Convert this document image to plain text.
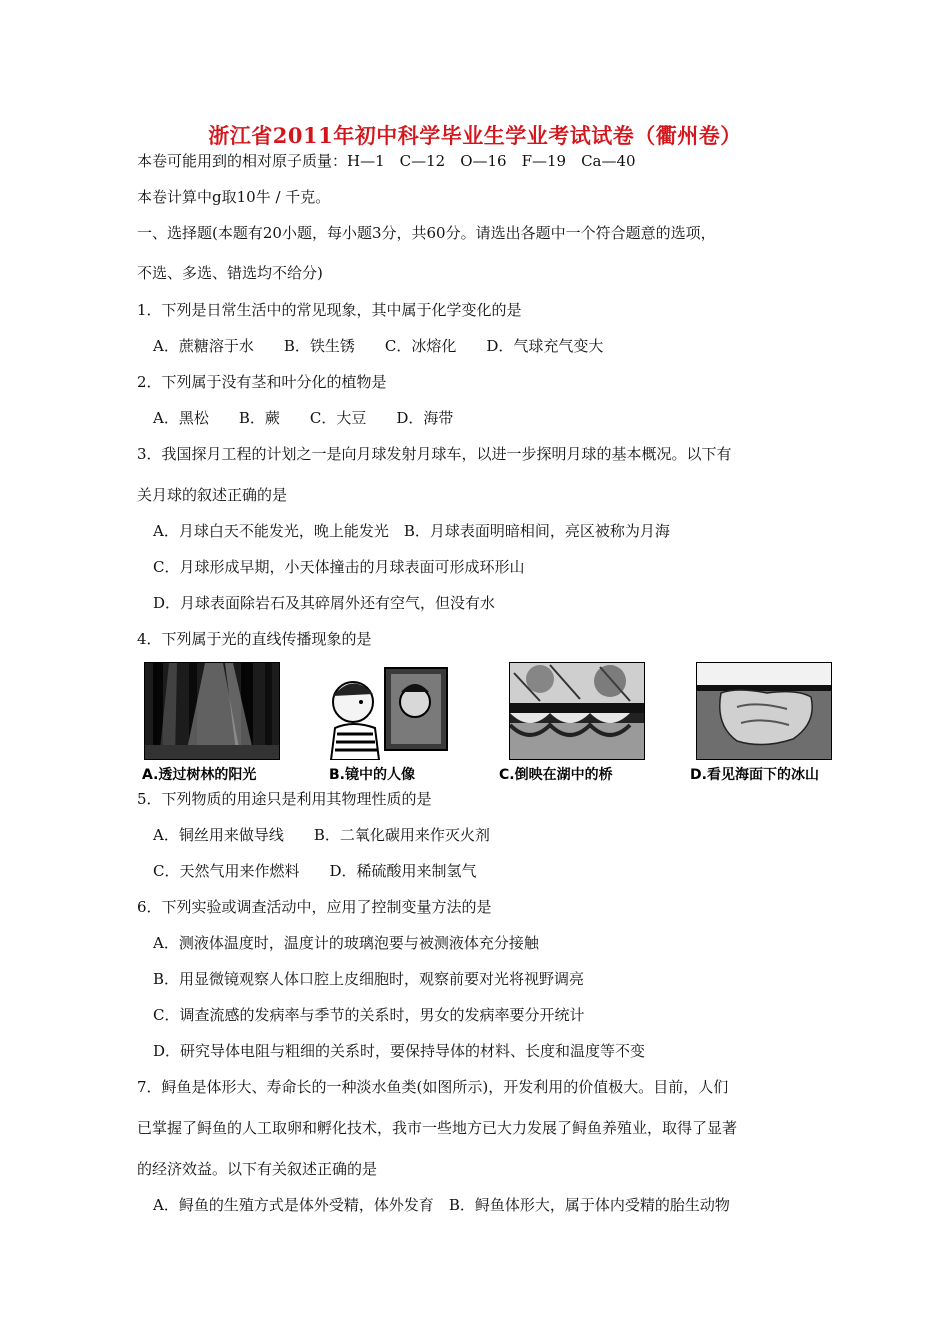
浙江省2011年初中科学毕业生学业考试试卷（衢州卷）
本卷可能用到的相对原子质量：H—1　C—12　O—16　F—19　Ca—40
本卷计算中g取10牛 / 千克。
一、选择题(本题有20小题，每小题3分，共60分。请选出各题中一个符合题意的选项，
不选、多选、错选均不给分)
1．下列是日常生活中的常见现象，其中属于化学变化的是
A．蔗糖溶于水　　B．铁生锈　　C．冰熔化　　D．气球充气变大
2．下列属于没有茎和叶分化的植物是
A．黑松　　B．蕨　　C．大豆　　D．海带
3．我国探月工程的计划之一是向月球发射月球车，以进一步探明月球的基本概况。以下有
关月球的叙述正确的是
A．月球白天不能发光，晚上能发光　B．月球表面明暗相间，亮区被称为月海
C．月球形成早期，小天体撞击的月球表面可形成环形山
D．月球表面除岩石及其碎屑外还有空气，但没有水
4．下列属于光的直线传播现象的是
A.透过树林的阳光	B.镜中的人像	C.倒映在湖中的桥	D.看见海面下的冰山
5．下列物质的用途只是利用其物理性质的是
A．铜丝用来做导线　　B．二氧化碳用来作灭火剂
C．天然气用来作燃料　　D．稀硫酸用来制氢气
6．下列实验或调查活动中，应用了控制变量方法的是
A．测液体温度时，温度计的玻璃泡要与被测液体充分接触
B．用显微镜观察人体口腔上皮细胞时，观察前要对光将视野调亮
C．调查流感的发病率与季节的关系时，男女的发病率要分开统计
D．研究导体电阻与粗细的关系时，要保持导体的材料、长度和温度等不变
7．鲟鱼是体形大、寿命长的一种淡水鱼类(如图所示)，开发利用的价值极大。目前，人们
已掌握了鲟鱼的人工取卵和孵化技术，我市一些地方已大力发展了鲟鱼养殖业，取得了显著
的经济效益。以下有关叙述正确的是
A．鲟鱼的生殖方式是体外受精，体外发育　B．鲟鱼体形大，属于体内受精的胎生动物
